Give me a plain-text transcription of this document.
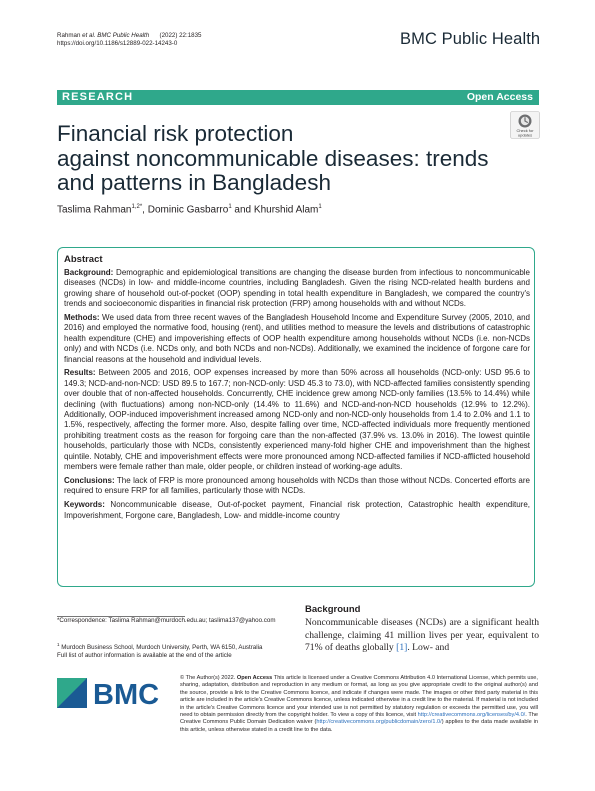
Rahman et al. BMC Public Health (2022) 22:1835
https://doi.org/10.1186/s12889-022-14243-0	BMC Public Health
RESEARCH	Open Access
Financial risk protection
against noncommunicable diseases: trends
and patterns in Bangladesh
Check for
updates
Taslima Rahman$^{1,2*}$, Dominic Gasbarro$^1$ and Khurshid Alam$^1$
Abstract
Background: Demographic and epidemiological transitions are changing the disease burden from infectious to noncommunicable diseases (NCDs) in low- and middle-income countries, including Bangladesh. Given the rising NCD-related health burdens and growing share of household out-of-pocket (OOP) spending in total health expenditure in Bangladesh, we compared the country's trends and socioeconomic disparities in financial risk protection (FRP) among households with and without NCDs.
Methods: We used data from three recent waves of the Bangladesh Household Income and Expenditure Survey (2005, 2010, and 2016) and employed the normative food, housing (rent), and utilities method to measure the levels and distributions of catastrophic health expenditure (CHE) and impoverishing effects of OOP health expenditure among households without NCDs (i.e. non-NCDs only) and with NCDs (i.e. NCDs only, and both NCDs and non-NCDs). Additionally, we examined the incidence of forgone care for financial reasons at the household and individual levels.
Results: Between 2005 and 2016, OOP expenses increased by more than 50% across all households (NCD-only: USD 95.6 to 149.3; NCD-and-non-NCD: USD 89.5 to 167.7; non-NCD-only: USD 45.3 to 73.0), with NCD-affected families consistently spending over double that of non-affected households. Concurrently, CHE incidence grew among NCD-only families (13.5% to 14.4%) while declining (with fluctuations) among non-NCD-only (14.4% to 11.6%) and NCD-and-non-NCD households (12.9% to 12.2%). Additionally, OOP-induced impoverishment increased among NCD-only and non-NCD-only households from 1.4 to 2.0% and 1.1 to 1.5%, respectively, affecting the former more. Also, despite falling over time, NCD-affected individuals more frequently mentioned prohibiting treatment costs as the reason for forgoing care than the non-affected (37.9% vs. 13.0% in 2016). The lowest quintile households, particularly those with NCDs, consistently experienced many-fold higher CHE and impoverishment than the highest quintile. Notably, CHE and impoverishment effects were more pronounced among NCD-affected families if NCD-afflicted household members were female rather than male, older people, or children instead of working-age adults.
Conclusions: The lack of FRP is more pronounced among households with NCDs than those without NCDs. Concerted efforts are required to ensure FRP for all families, particularly those with NCDs.
Keywords: Noncommunicable disease, Out-of-pocket payment, Financial risk protection, Catastrophic health expenditure, Impoverishment, Forgone care, Bangladesh, Low- and middle-income country
*Correspondence: Taslima Rahman@murdoch.edu.au; taslima137@yahoo.com
$^1$ Murdoch Business School, Murdoch University, Perth, WA 6150, Australia
Full list of author information is available at the end of the article
Background
Noncommunicable diseases (NCDs) are a significant health challenge, claiming 41 million lives per year, equivalent to 71% of deaths globally [1]. Low- and
BMC
© The Author(s) 2022. Open Access This article is licensed under a Creative Commons Attribution 4.0 International License, which permits use, sharing, adaptation, distribution and reproduction in any medium or format, as long as you give appropriate credit to the original author(s) and the source, provide a link to the Creative Commons licence, and indicate if changes were made. The images or other third party material in this article are included in the article's Creative Commons licence, unless indicated otherwise in a credit line to the material. If material is not included in the article's Creative Commons licence and your intended use is not permitted by statutory regulation or exceeds the permitted use, you will need to obtain permission directly from the copyright holder. To view a copy of this licence, visit http://creativecommons.org/licenses/by/4.0/. The Creative Commons Public Domain Dedication waiver (http://creativecommons.org/publicdomain/zero/1.0/) applies to the data made available in this article, unless otherwise stated in a credit line to the data.
